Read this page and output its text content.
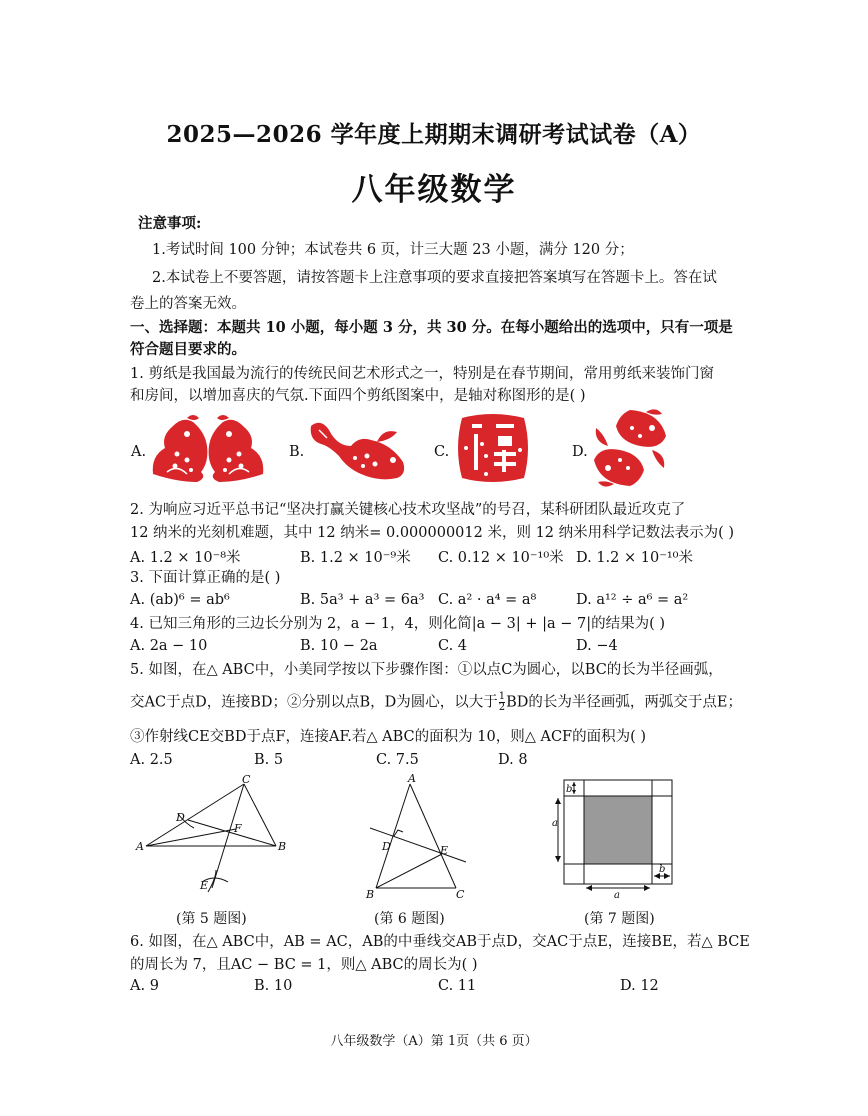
2025—2026 学年度上期期末调研考试试卷（A）
八年级数学
注意事项:
1.考试时间 100 分钟；本试卷共 6 页，计三大题 23 小题，满分 120 分；
2.本试卷上不要答题，请按答题卡上注意事项的要求直接把答案填写在答题卡上。答在试
卷上的答案无效。
一、选择题：本题共 10 小题，每小题 3 分，共 30 分。在每小题给出的选项中，只有一项是
符合题目要求的。
1. 剪纸是我国最为流行的传统民间艺术形式之一，特别是在春节期间，常用剪纸来装饰门窗
和房间，以增加喜庆的气氛.下面四个剪纸图案中，是轴对称图形的是( )
A.	B.	C.	D.
2. 为响应习近平总书记“坚决打赢关键核心技术攻坚战”的号召，某科研团队最近攻克了
12 纳米的光刻机难题，其中 12 纳米= 0.000000012 米，则 12 纳米用科学记数法表示为( )
A. 1.2 × 10⁻⁸米	B. 1.2 × 10⁻⁹米 C. 0.12 × 10⁻¹⁰米 D. 1.2 × 10⁻¹⁰米
3. 下面计算正确的是( )
A. (ab)⁶ = ab⁶	B. 5a³ + a³ = 6a³ C. a² · a⁴ = a⁸	D. a¹² ÷ a⁶ = a²
4. 已知三角形的三边长分别为 2，a − 1，4，则化简|a − 3| + |a − 7|的结果为( )
A. 2a − 10	B. 10 − 2a	C. 4	D. −4
5. 如图，在△ ABC中，小美同学按以下步骤作图：①以点C为圆心，以BC的长为半径画弧，
交AC于点D，连接BD；②分别以点B，D为圆心，以大于 $\frac{1}{2}$ BD的长为半径画弧，两弧交于点E；
③作射线CE交BD于点F，连接AF.若△ ABC的面积为 10，则△ ACF的面积为( )
A. 2.5	B. 5	C. 7.5	D. 8
A	B
C
D
E
F
(第 5 题图)
A
B	C
D	E
(第 6 题图)
b
a
a
b
(第 7 题图)
6. 如图，在△ ABC中，AB = AC，AB的中垂线交AB于点D，交AC于点E，连接BE，若△ BCE
的周长为 7，且AC − BC = 1，则△ ABC的周长为( )
A. 9	B. 10	C. 11	D. 12
八年级数学（A）第 1页（共 6 页）
